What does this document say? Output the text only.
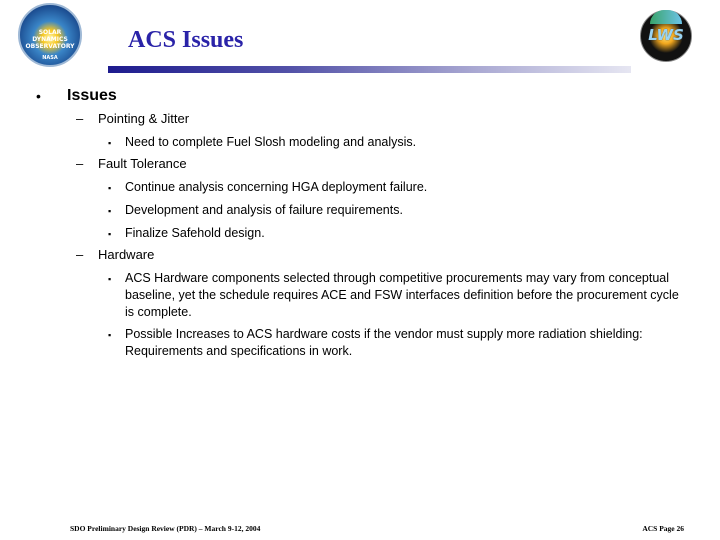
SOLAR
DYNAMICS
OBSERVATORY
NASA
LWS
ACS Issues
• Issues
– Pointing & Jitter
▪ Need to complete Fuel Slosh modeling and analysis.
– Fault Tolerance
▪ Continue analysis concerning HGA deployment failure.
▪ Development and analysis of failure requirements.
▪ Finalize Safehold design.
– Hardware
▪ ACS Hardware components selected through competitive procurements may vary from conceptual baseline, yet the schedule requires ACE and FSW interfaces definition before the procurement cycle is complete.
▪ Possible Increases to ACS hardware costs if the vendor must supply more radiation shielding: Requirements and specifications in work.
SDO Preliminary Design Review (PDR) – March 9-12, 2004	ACS Page 26
